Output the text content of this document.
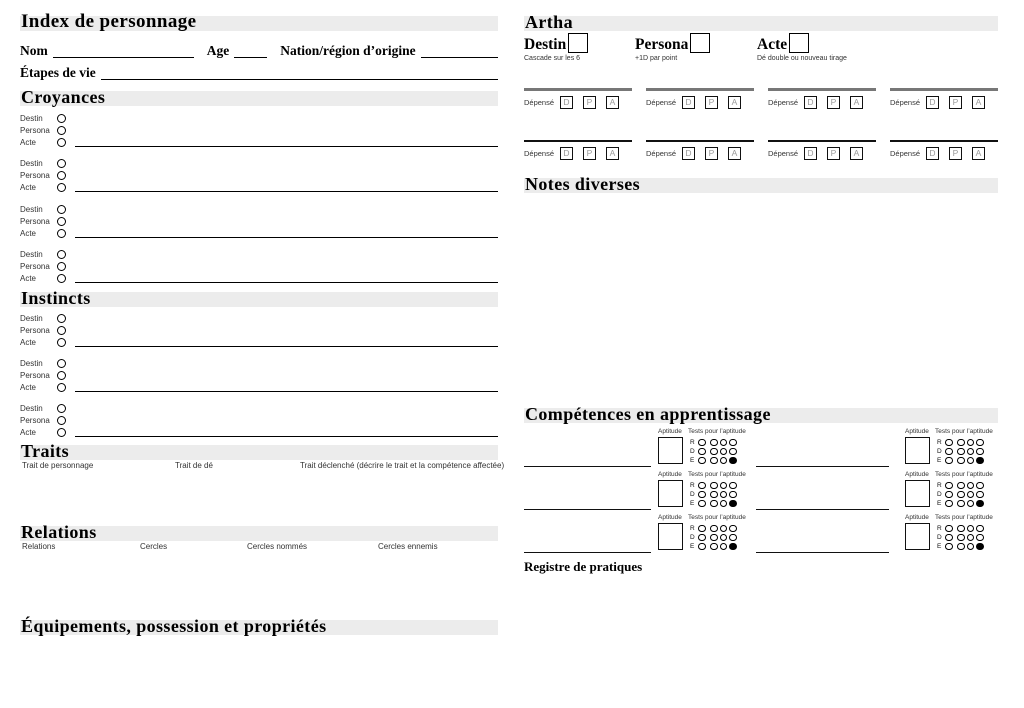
Index de personnage
Nom	Age	Nation/région d’origine
Étapes de vie
Croyances
Instincts
Traits
Relations
Équipements, possession et propriétés
Destin
Persona
Acte
Destin
Persona
Acte
Destin
Persona
Acte
Destin
Persona
Acte
Destin
Persona
Acte
Destin
Persona
Acte
Destin
Persona
Acte
Trait de personnage	Trait de dé	Trait déclenché (décrire le trait et la compétence affectée)
Relations	Cercles	Cercles nommés	Cercles ennemis
Artha
Notes diverses
Compétences en apprentissage
Registre de pratiques
Destin
Cascade sur les 6
Persona
+1D par point
Acte
Dé double ou nouveau tirage
Dépensé	D	P	A	Dépensé	D	P	A	Dépensé	D	P	A	Dépensé	D	P	A
Dépensé	D	P	A	Dépensé	D	P	A	Dépensé	D	P	A	Dépensé	D	P	A
Aptitude Tests pour l’aptitude
R
D
E
Aptitude Tests pour l’aptitude
R
D
E
Aptitude Tests pour l’aptitude
R
D
E
Aptitude Tests pour l’aptitude
R
D
E
Aptitude Tests pour l’aptitude
R
D
E
Aptitude Tests pour l’aptitude
R
D
E
